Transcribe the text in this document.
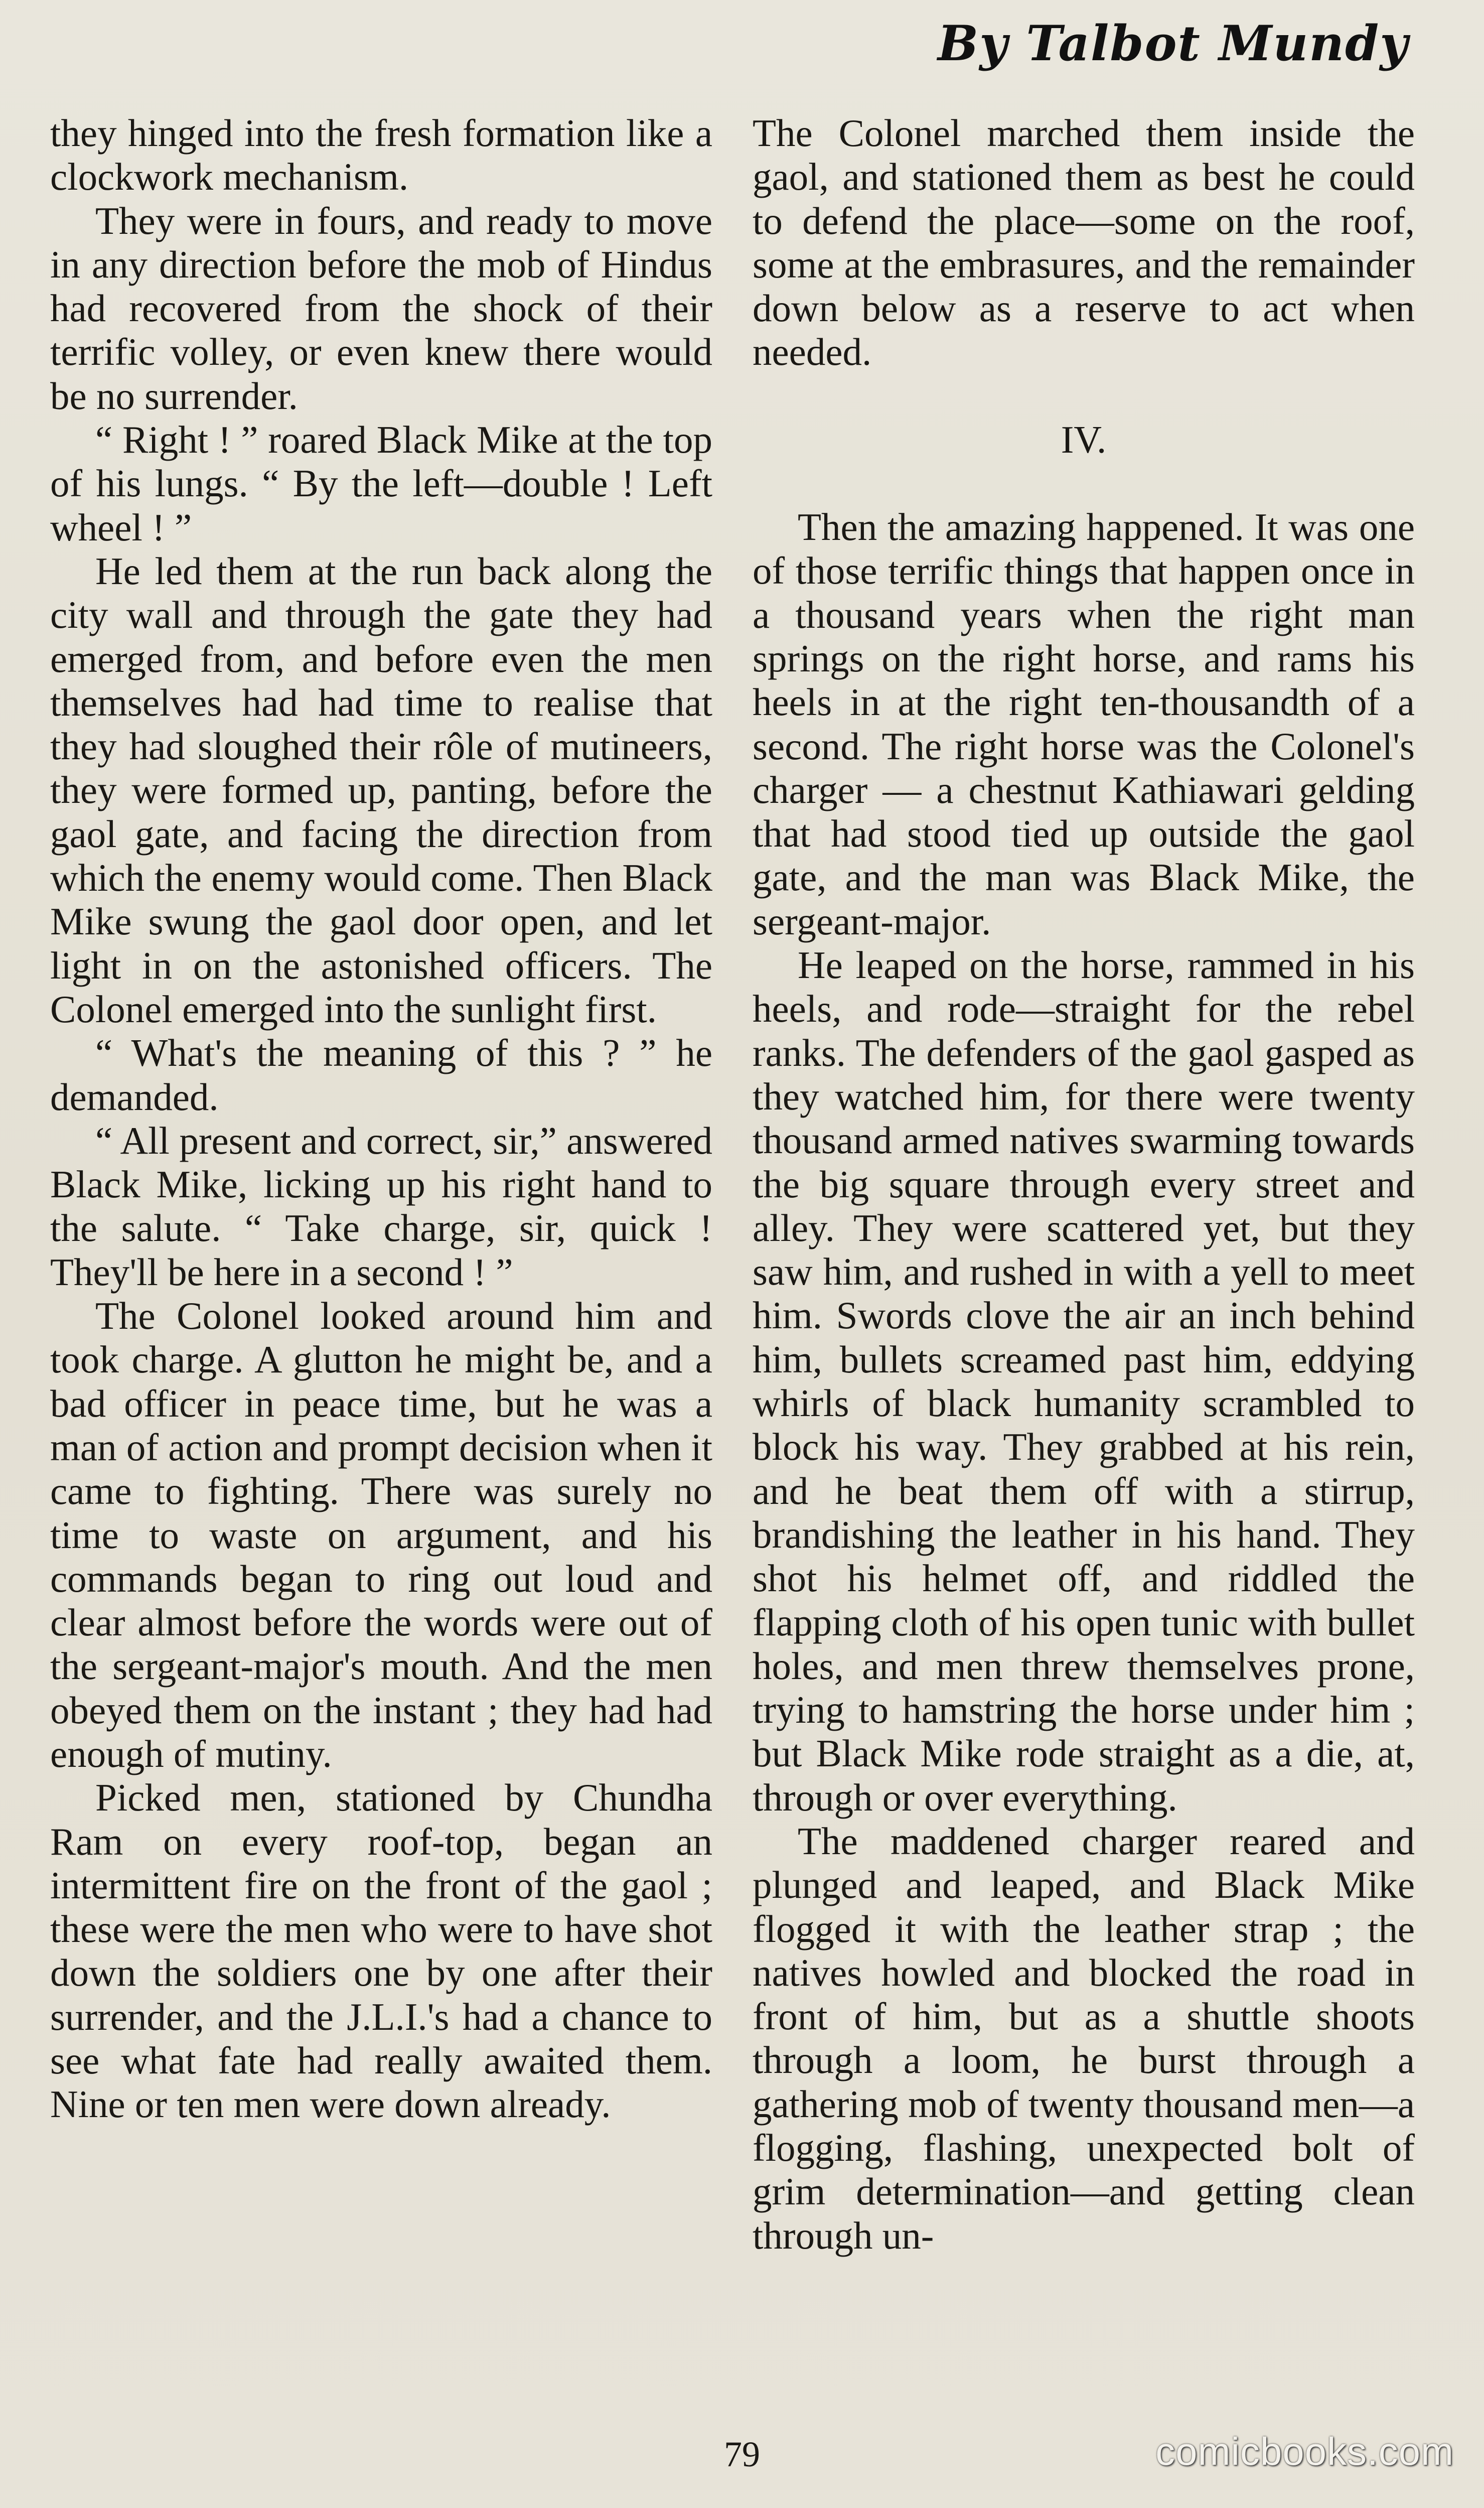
By Talbot Mundy

they hinged into the fresh formation like a clockwork mechanism.

They were in fours, and ready to move in any direction before the mob of Hindus had recovered from the shock of their terrific volley, or even knew there would be no surrender.

“ Right ! ” roared Black Mike at the top of his lungs. “ By the left—double ! Left wheel ! ”

He led them at the run back along the city wall and through the gate they had emerged from, and before even the men themselves had had time to realise that they had sloughed their rôle of mutineers, they were formed up, panting, before the gaol gate, and facing the direction from which the enemy would come. Then Black Mike swung the gaol door open, and let light in on the astonished officers. The Colonel emerged into the sunlight first.

“ What's the meaning of this ? ” he demanded.

“ All present and correct, sir,” answered Black Mike, licking up his right hand to the salute. “ Take charge, sir, quick ! They'll be here in a second ! ”

The Colonel looked around him and took charge. A glutton he might be, and a bad officer in peace time, but he was a man of action and prompt decision when it came to fighting. There was surely no time to waste on argument, and his commands began to ring out loud and clear almost before the words were out of the sergeant-major's mouth. And the men obeyed them on the instant ; they had had enough of mutiny.

Picked men, stationed by Chundha Ram on every roof-top, began an intermittent fire on the front of the gaol ; these were the men who were to have shot down the soldiers one by one after their surrender, and the J.L.I.'s had a chance to see what fate had really awaited them. Nine or ten men were down already.

The Colonel marched them inside the gaol, and stationed them as best he could to defend the place—some on the roof, some at the embrasures, and the remainder down below as a reserve to act when needed.

IV.

Then the amazing happened. It was one of those terrific things that happen once in a thousand years when the right man springs on the right horse, and rams his heels in at the right ten-thousandth of a second. The right horse was the Colonel's charger — a chestnut Kathiawari gelding that had stood tied up outside the gaol gate, and the man was Black Mike, the sergeant-major.

He leaped on the horse, rammed in his heels, and rode—straight for the rebel ranks. The defenders of the gaol gasped as they watched him, for there were twenty thousand armed natives swarming towards the big square through every street and alley. They were scattered yet, but they saw him, and rushed in with a yell to meet him. Swords clove the air an inch behind him, bullets screamed past him, eddying whirls of black humanity scrambled to block his way. They grabbed at his rein, and he beat them off with a stirrup, brandishing the leather in his hand. They shot his helmet off, and riddled the flapping cloth of his open tunic with bullet holes, and men threw themselves prone, trying to hamstring the horse under him ; but Black Mike rode straight as a die, at, through or over everything.

The maddened charger reared and plunged and leaped, and Black Mike flogged it with the leather strap ; the natives howled and blocked the road in front of him, but as a shuttle shoots through a loom, he burst through a gathering mob of twenty thousand men—a flogging, flashing, unexpected bolt of grim determination—and getting clean through un-

79	comicbooks.com
